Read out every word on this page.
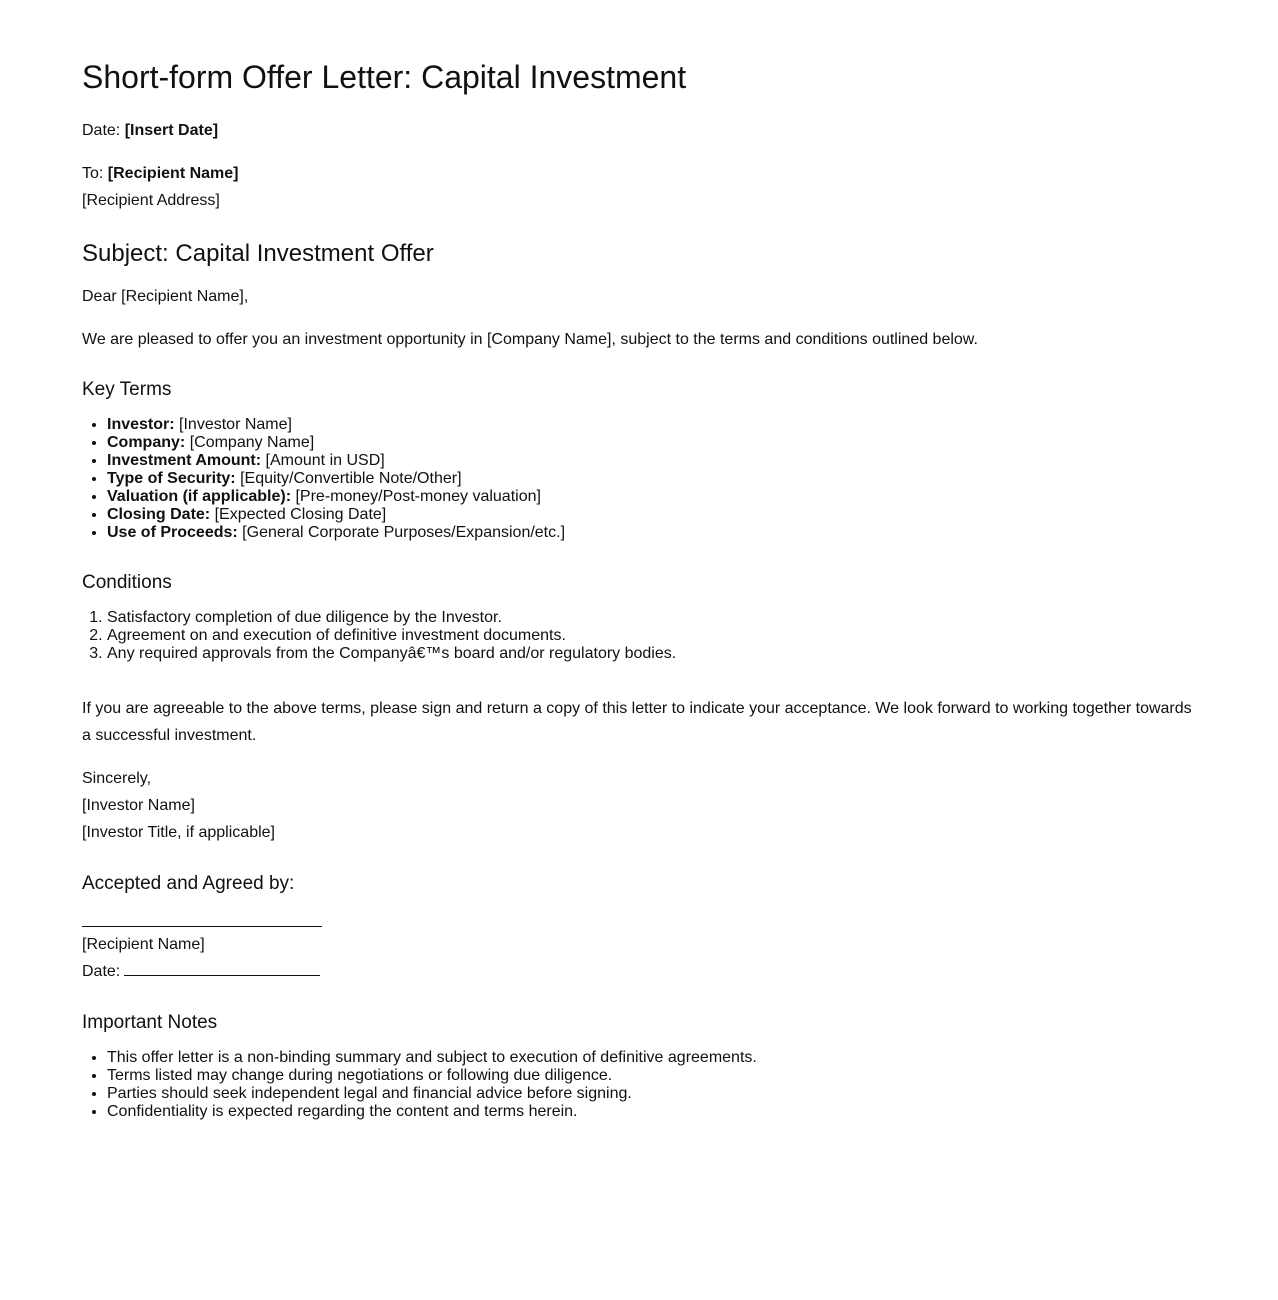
Short-form Offer Letter: Capital Investment

Date: [Insert Date]

To: [Recipient Name]

[Recipient Address]

Subject: Capital Investment Offer

Dear [Recipient Name],

We are pleased to offer you an investment opportunity in [Company Name], subject to the terms and conditions outlined below.

Key Terms
• Investor: [Investor Name]
• Company: [Company Name]
• Investment Amount: [Amount in USD]
• Type of Security: [Equity/Convertible Note/Other]
• Valuation (if applicable): [Pre-money/Post-money valuation]
• Closing Date: [Expected Closing Date]
• Use of Proceeds: [General Corporate Purposes/Expansion/etc.]
Conditions
1. Satisfactory completion of due diligence by the Investor.
2. Agreement on and execution of definitive investment documents.
3. Any required approvals from the Companyâ€™s board and/or regulatory bodies.

If you are agreeable to the above terms, please sign and return a copy of this letter to indicate your acceptance. We look forward to working together towards a successful investment.

Sincerely,

[Investor Name]

[Investor Title, if applicable]

Accepted and Agreed by:

[Recipient Name]

Date:

Important Notes
• This offer letter is a non-binding summary and subject to execution of definitive agreements.
• Terms listed may change during negotiations or following due diligence.
• Parties should seek independent legal and financial advice before signing.
• Confidentiality is expected regarding the content and terms herein.
